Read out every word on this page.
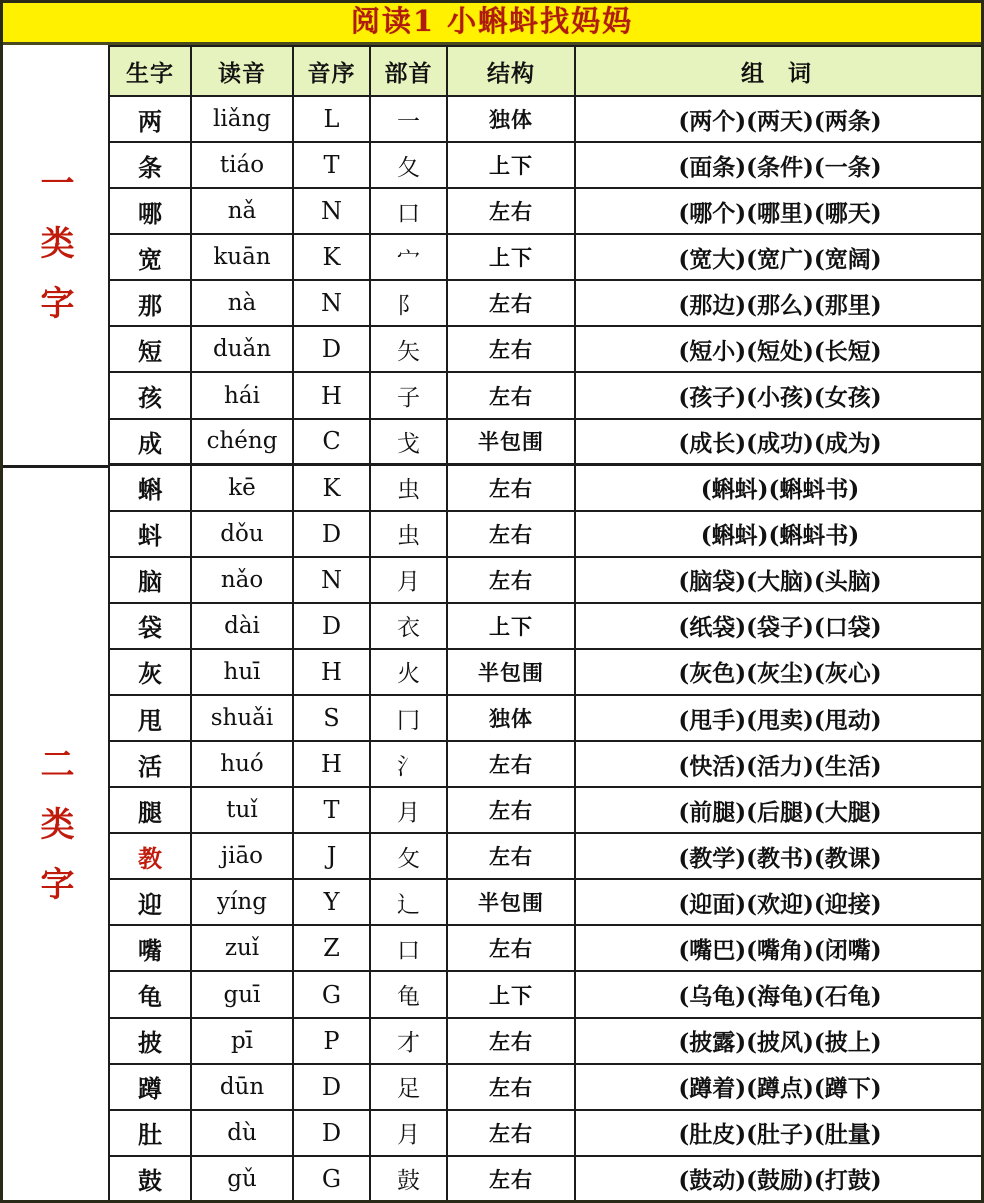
阅读1 小蝌蚪找妈妈
一类字
二类字
生字	读音	音序	部首	结构	组 词
两	liǎng	L	一	独体	(两个)(两天)(两条)
条	tiáo	T	夂	上下	(面条)(条件)(一条)
哪	nǎ	N	口	左右	(哪个)(哪里)(哪天)
宽	kuān	K	宀	上下	(宽大)(宽广)(宽阔)
那	nà	N	阝	左右	(那边)(那么)(那里)
短	duǎn	D	矢	左右	(短小)(短处)(长短)
孩	hái	H	子	左右	(孩子)(小孩)(女孩)
成	chéng	C	戈	半包围	(成长)(成功)(成为)
蝌	kē	K	虫	左右	(蝌蚪)(蝌蚪书)
蚪	dǒu	D	虫	左右	(蝌蚪)(蝌蚪书)
脑	nǎo	N	月	左右	(脑袋)(大脑)(头脑)
袋	dài	D	衣	上下	(纸袋)(袋子)(口袋)
灰	huī	H	火	半包围	(灰色)(灰尘)(灰心)
甩	shuǎi	S	冂	独体	(甩手)(甩卖)(甩动)
活	huó	H	氵	左右	(快活)(活力)(生活)
腿	tuǐ	T	月	左右	(前腿)(后腿)(大腿)
教	jiāo	J	攵	左右	(教学)(教书)(教课)
迎	yíng	Y	辶	半包围	(迎面)(欢迎)(迎接)
嘴	zuǐ	Z	口	左右	(嘴巴)(嘴角)(闭嘴)
龟	guī	G	龟	上下	(乌龟)(海龟)(石龟)
披	pī	P	才	左右	(披露)(披风)(披上)
蹲	dūn	D	足	左右	(蹲着)(蹲点)(蹲下)
肚	dù	D	月	左右	(肚皮)(肚子)(肚量)
鼓	gǔ	G	鼓	左右	(鼓动)(鼓励)(打鼓)
